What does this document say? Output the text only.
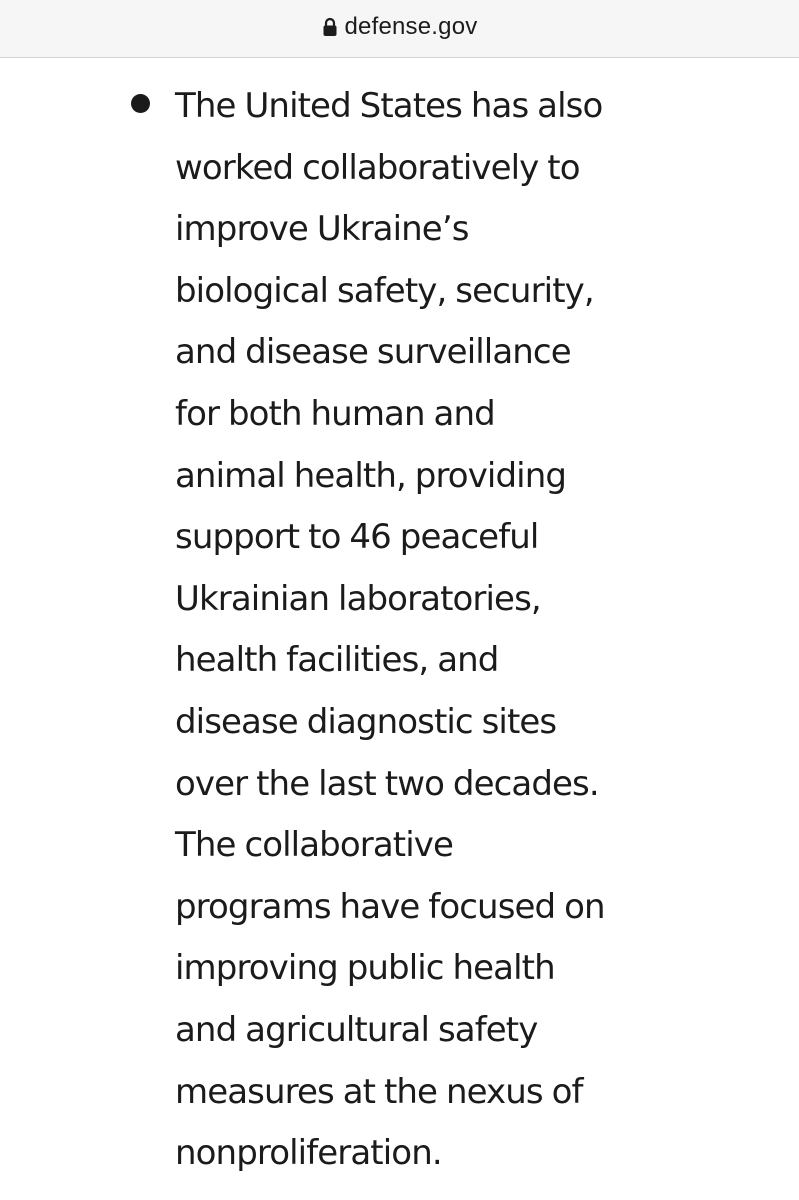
defense.gov

The United States has also
worked collaboratively to
improve Ukraine’s
biological safety, security,
and disease surveillance
for both human and
animal health, providing
support to 46 peaceful
Ukrainian laboratories,
health facilities, and
disease diagnostic sites
over the last two decades.
The collaborative
programs have focused on
improving public health
and agricultural safety
measures at the nexus of
nonproliferation.
